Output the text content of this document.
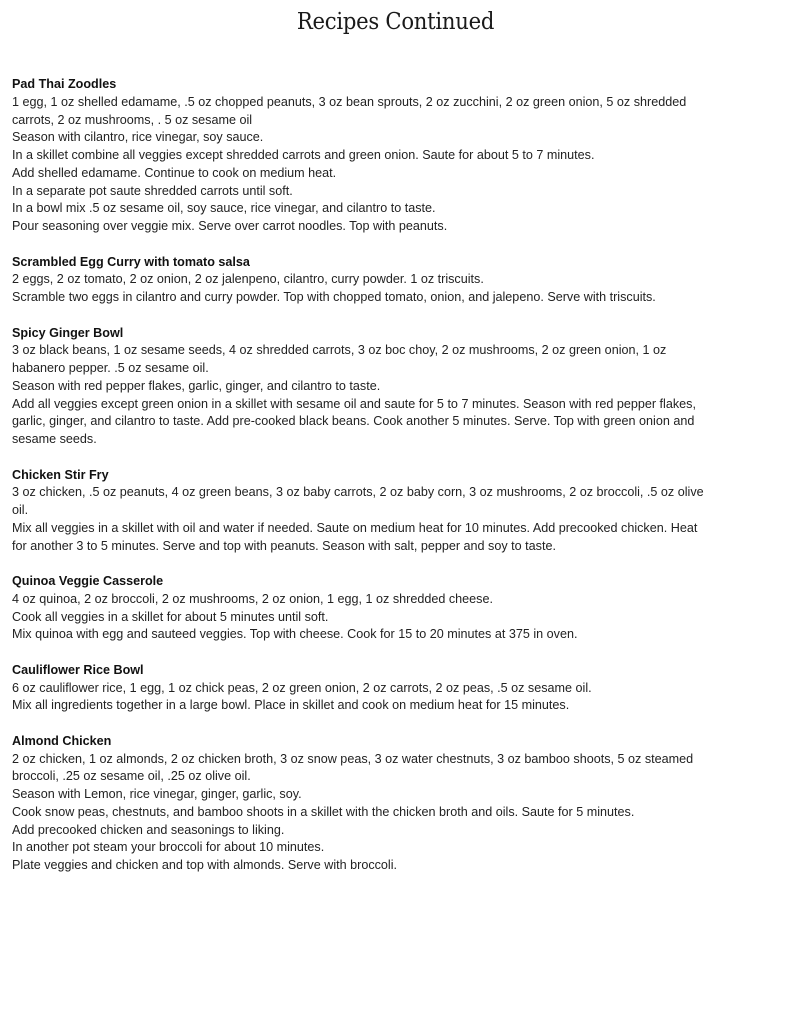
Recipes Continued
Pad Thai Zoodles
1 egg, 1 oz shelled edamame, .5 oz chopped peanuts, 3 oz bean sprouts, 2 oz zucchini, 2 oz green onion, 5 oz shredded
carrots, 2 oz mushrooms, . 5 oz sesame oil
Season with cilantro, rice vinegar, soy sauce.
In a skillet combine all veggies except shredded carrots and green onion. Saute for about 5 to 7 minutes.
Add shelled edamame. Continue to cook on medium heat.
In a separate pot saute shredded carrots until soft.
In a bowl mix .5 oz sesame oil, soy sauce, rice vinegar, and cilantro to taste.
Pour seasoning over veggie mix. Serve over carrot noodles. Top with peanuts.
Scrambled Egg Curry with tomato salsa
2 eggs, 2 oz tomato, 2 oz onion, 2 oz jalenpeno, cilantro, curry powder. 1 oz triscuits.
Scramble two eggs in cilantro and curry powder. Top with chopped tomato, onion, and jalepeno. Serve with triscuits.
Spicy Ginger Bowl
3 oz black beans, 1 oz sesame seeds, 4 oz shredded carrots, 3 oz boc choy, 2 oz mushrooms, 2 oz green onion, 1 oz
habanero pepper. .5 oz sesame oil.
Season with red pepper flakes, garlic, ginger, and cilantro to taste.
Add all veggies except green onion in a skillet with sesame oil and saute for 5 to 7 minutes. Season with red pepper flakes,
garlic, ginger, and cilantro to taste. Add pre-cooked black beans. Cook another 5 minutes. Serve. Top with green onion and
sesame seeds.
Chicken Stir Fry
3 oz chicken, .5 oz peanuts, 4 oz green beans, 3 oz baby carrots, 2 oz baby corn, 3 oz mushrooms, 2 oz broccoli, .5 oz olive
oil.
Mix all veggies in a skillet with oil and water if needed. Saute on medium heat for 10 minutes. Add precooked chicken. Heat
for another 3 to 5 minutes. Serve and top with peanuts. Season with salt, pepper and soy to taste.
Quinoa Veggie Casserole
4 oz quinoa, 2 oz broccoli, 2 oz mushrooms, 2 oz onion, 1 egg, 1 oz shredded cheese.
Cook all veggies in a skillet for about 5 minutes until soft.
Mix quinoa with egg and sauteed veggies. Top with cheese. Cook for 15 to 20 minutes at 375 in oven.
Cauliflower Rice Bowl
6 oz cauliflower rice, 1 egg, 1 oz chick peas, 2 oz green onion, 2 oz carrots, 2 oz peas, .5 oz sesame oil.
Mix all ingredients together in a large bowl. Place in skillet and cook on medium heat for 15 minutes.
Almond Chicken
2 oz chicken, 1 oz almonds, 2 oz chicken broth, 3 oz snow peas, 3 oz water chestnuts, 3 oz bamboo shoots, 5 oz steamed
broccoli, .25 oz sesame oil, .25 oz olive oil.
Season with Lemon, rice vinegar, ginger, garlic, soy.
Cook snow peas, chestnuts, and bamboo shoots in a skillet with the chicken broth and oils. Saute for 5 minutes.
Add precooked chicken and seasonings to liking.
In another pot steam your broccoli for about 10 minutes.
Plate veggies and chicken and top with almonds. Serve with broccoli.
